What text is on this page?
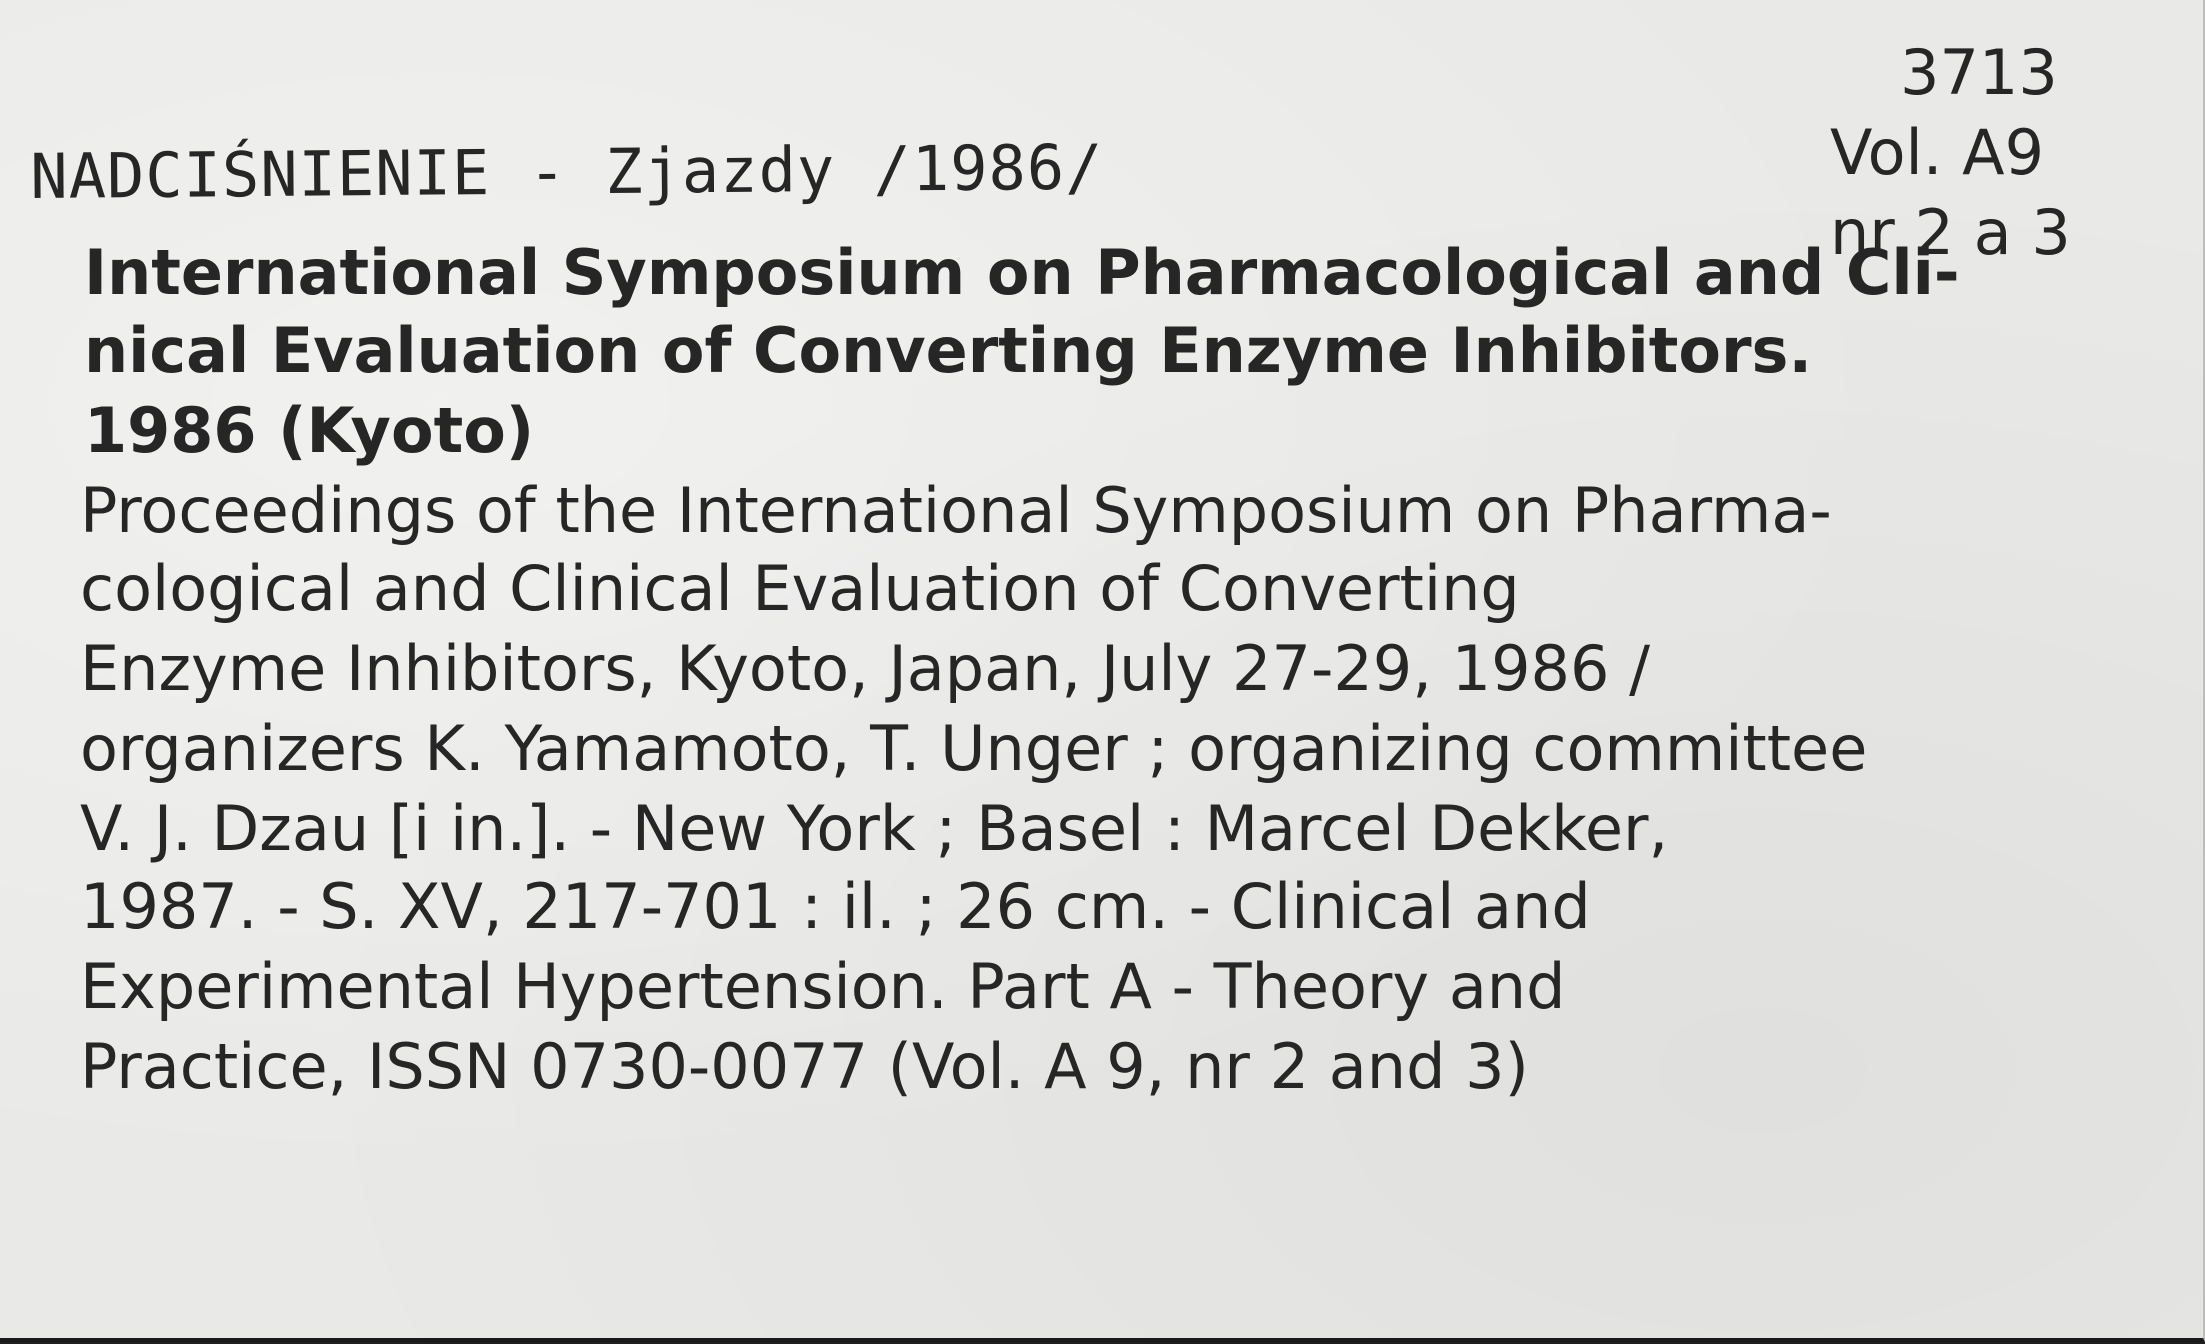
3713
Vol. A9
nr 2 a 3
NADCIŚNIENIE - Zjazdy /1986/
International Symposium on Pharmacological and Cli-
nical Evaluation of Converting Enzyme Inhibitors.
1986 (Kyoto)
Proceedings of the International Symposium on Pharma-
cological and Clinical Evaluation of Converting
Enzyme Inhibitors, Kyoto, Japan, July 27-29, 1986 /
organizers K. Yamamoto, T. Unger ; organizing committee
V. J. Dzau [i in.]. - New York ; Basel : Marcel Dekker,
1987. - S. XV, 217-701 : il. ; 26 cm. - Clinical and
Experimental Hypertension. Part A - Theory and
Practice, ISSN 0730-0077 (Vol. A 9, nr 2 and 3)
